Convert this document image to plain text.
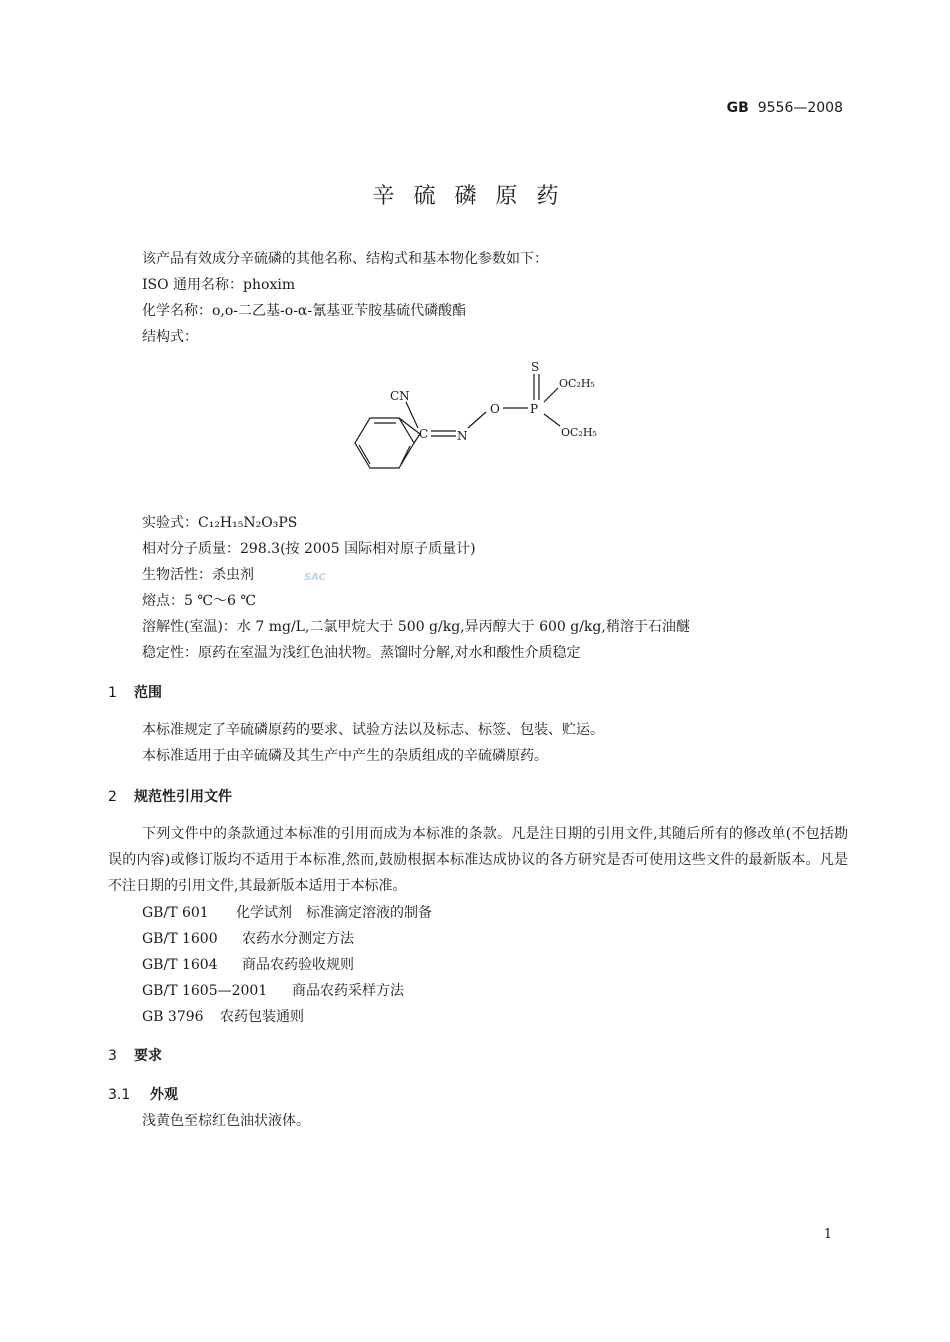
GB 9556—2008
辛硫磷原药
该产品有效成分辛硫磷的其他名称、结构式和基本物化参数如下：
ISO 通用名称：phoxim
化学名称：o,o-二乙基-o-α-氰基亚苄胺基硫代磷酸酯
结构式：
CN
C N
O	P
S
OC₂H₅
OC₂H₅
实验式：C₁₂H₁₅N₂O₃PS
相对分子质量：298.3(按 2005 国际相对原子质量计)
生物活性：杀虫剂	SAC
熔点：5 ℃～6 ℃
溶解性(室温)：水 7 mg/L,二氯甲烷大于 500 g/kg,异丙醇大于 600 g/kg,稍溶于石油醚
稳定性：原药在室温为浅红色油状物。蒸馏时分解,对水和酸性介质稳定
1 范围
本标准规定了辛硫磷原药的要求、试验方法以及标志、标签、包装、贮运。
本标准适用于由辛硫磷及其生产中产生的杂质组成的辛硫磷原药。
2 规范性引用文件
下列文件中的条款通过本标准的引用而成为本标准的条款。凡是注日期的引用文件,其随后所有的修改单(不包括勘误的内容)或修订版均不适用于本标准,然而,鼓励根据本标准达成协议的各方研究是否可使用这些文件的最新版本。凡是不注日期的引用文件,其最新版本适用于本标准。
GB/T 601 化学试剂　标准滴定溶液的制备
GB/T 1600 农药水分测定方法
GB/T 1604 商品农药验收规则
GB/T 1605—2001 商品农药采样方法
GB 3796 农药包装通则
3 要求
3.1 外观
浅黄色至棕红色油状液体。
1
